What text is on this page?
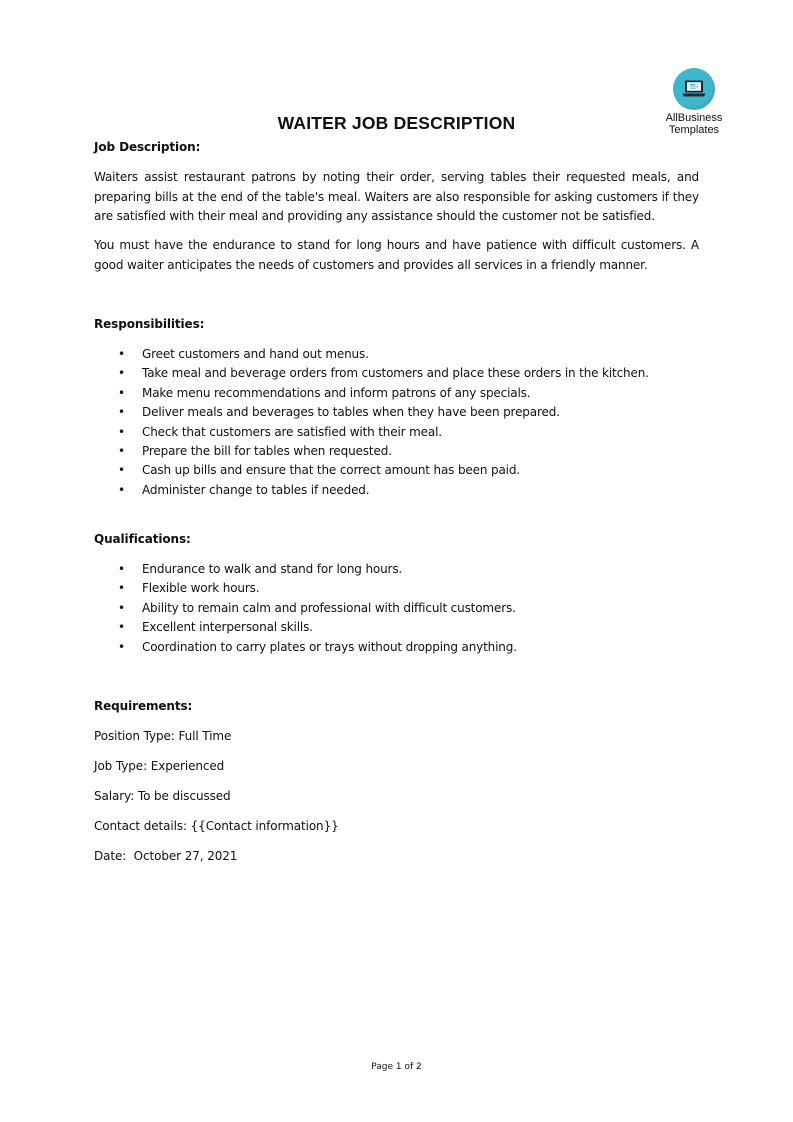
AllBusiness
Templates
WAITER JOB DESCRIPTION

Job Description:

Waiters assist restaurant patrons by noting their order, serving tables their requested meals, and preparing bills at the end of the table's meal. Waiters are also responsible for asking customers if they are satisfied with their meal and providing any assistance should the customer not be satisfied.

You must have the endurance to stand for long hours and have patience with difficult customers. A good waiter anticipates the needs of customers and provides all services in a friendly manner.

Responsibilities:

• Greet customers and hand out menus.
• Take meal and beverage orders from customers and place these orders in the kitchen.
• Make menu recommendations and inform patrons of any specials.
• Deliver meals and beverages to tables when they have been prepared.
• Check that customers are satisfied with their meal.
• Prepare the bill for tables when requested.
• Cash up bills and ensure that the correct amount has been paid.
• Administer change to tables if needed.

Qualifications:

• Endurance to walk and stand for long hours.
• Flexible work hours.
• Ability to remain calm and professional with difficult customers.
• Excellent interpersonal skills.
• Coordination to carry plates or trays without dropping anything.

Requirements:

Position Type: Full Time

Job Type: Experienced

Salary: To be discussed

Contact details: {{Contact information}}

Date:  October 27, 2021

Page 1 of 2
